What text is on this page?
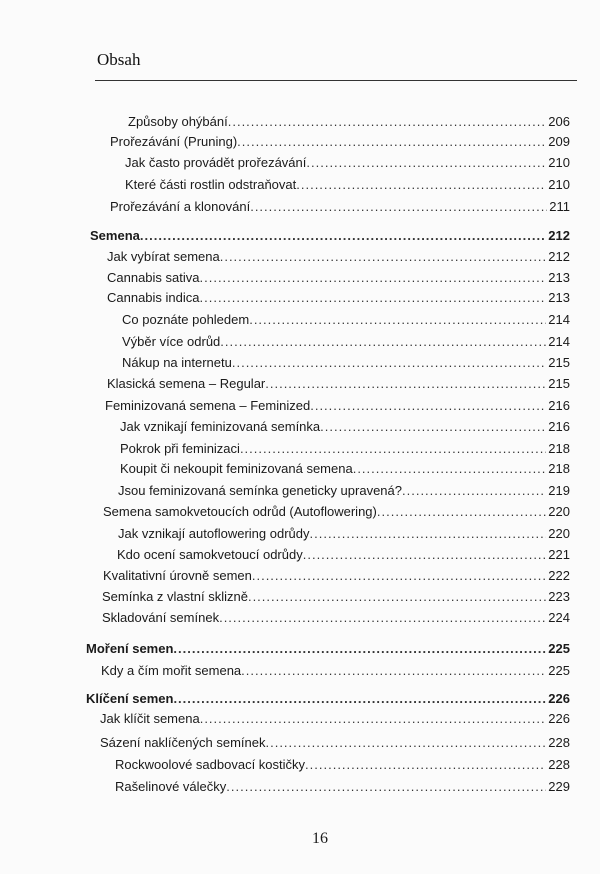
Obsah
Způsoby ohýbání .....	206
Prořezávání (Pruning) .....	209
Jak často provádět prořezávání .....	210
Které části rostlin odstraňovat .....	210
Prořezávání a klonování .....	211
Semena .....	212
Jak vybírat semena .....	212
Cannabis sativa .....	213
Cannabis indica .....	213
Co poznáte pohledem .....	214
Výběr více odrůd .....	214
Nákup na internetu .....	215
Klasická semena – Regular .....	215
Feminizovaná semena – Feminized .....	216
Jak vznikají feminizovaná semínka .....	216
Pokrok při feminizaci .....	218
Koupit či nekoupit feminizovaná semena .....	218
Jsou feminizovaná semínka geneticky upravená? .....	219
Semena samokvetoucích odrůd (Autoflowering) .....	220
Jak vznikají autoflowering odrůdy .....	220
Kdo ocení samokvetoucí odrůdy .....	221
Kvalitativní úrovně semen .....	222
Semínka z vlastní sklizně .....	223
Skladování semínek .....	224
Moření semen .....	225
Kdy a čím mořit semena .....	225
Klíčení semen .....	226
Jak klíčit semena .....	226
Sázení naklíčených semínek .....	228
Rockwoolové sadbovací kostičky .....	228
Rašelinové válečky .....	229
16
